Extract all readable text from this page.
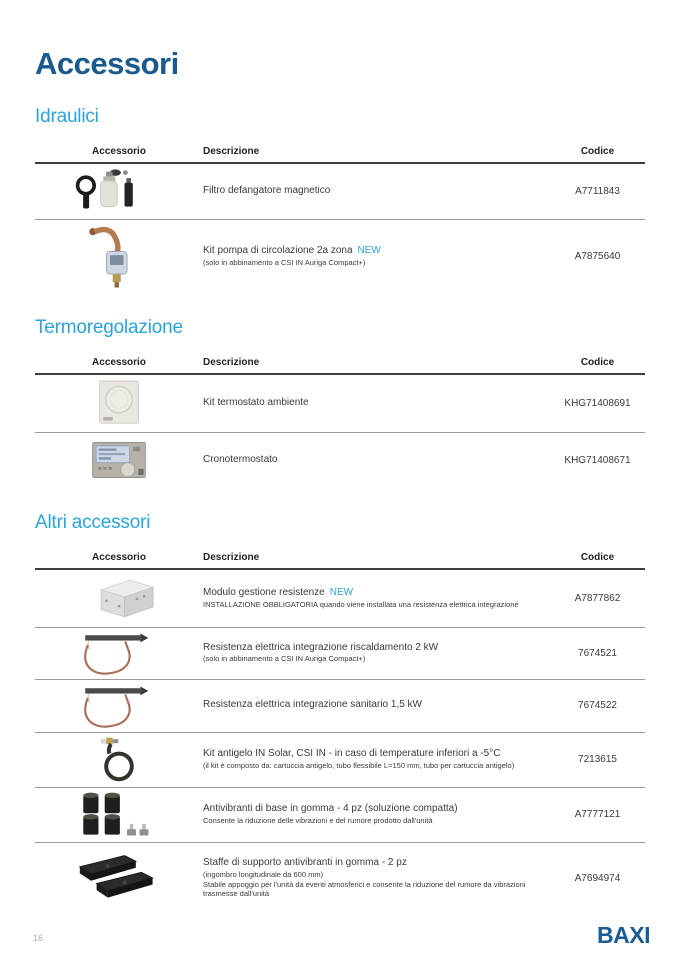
Accessori
Idraulici
Accessorio	Descrizione	Codice

Filtro defangatore magnetico	A7711843

Kit pompa di circolazione 2a zona NEW
(solo in abbinamento a CSI IN Auriga Compact+)	A7875640
Termoregolazione
Accessorio	Descrizione	Codice

Kit termostato ambiente	KHG71408691

Cronotermostato	KHG71408671
Altri accessori
Accessorio	Descrizione	Codice

Modulo gestione resistenze NEW
INSTALLAZIONE OBBLIGATORIA quando viene installata una resistenza elettrica integrazione	A7877862

Resistenza elettrica integrazione riscaldamento 2 kW
(solo in abbinamento a CSI IN Auriga Compact+)	7674521

Resistenza elettrica integrazione sanitario 1,5 kW	7674522

Kit antigelo IN Solar, CSI IN - in caso di temperature inferiori a -5°C
(il kit è composto da: cartuccia antigelo, tubo flessibile L=150 mm, tubo per cartuccia antigelo)	7213615

Antivibranti di base in gomma - 4 pz (soluzione compatta)
Consente la riduzione delle vibrazioni e del rumore prodotto dall'unità	A7777121

Staffe di supporto antivibranti in gomma - 2 pz
(ingombro longitudinale da 600 mm)
Stabile appoggio per l'unità da eventi atmosferici e consente la riduzione del rumore da vibrazioni trasmesse dall'unità	A7694974
16	BAXI
